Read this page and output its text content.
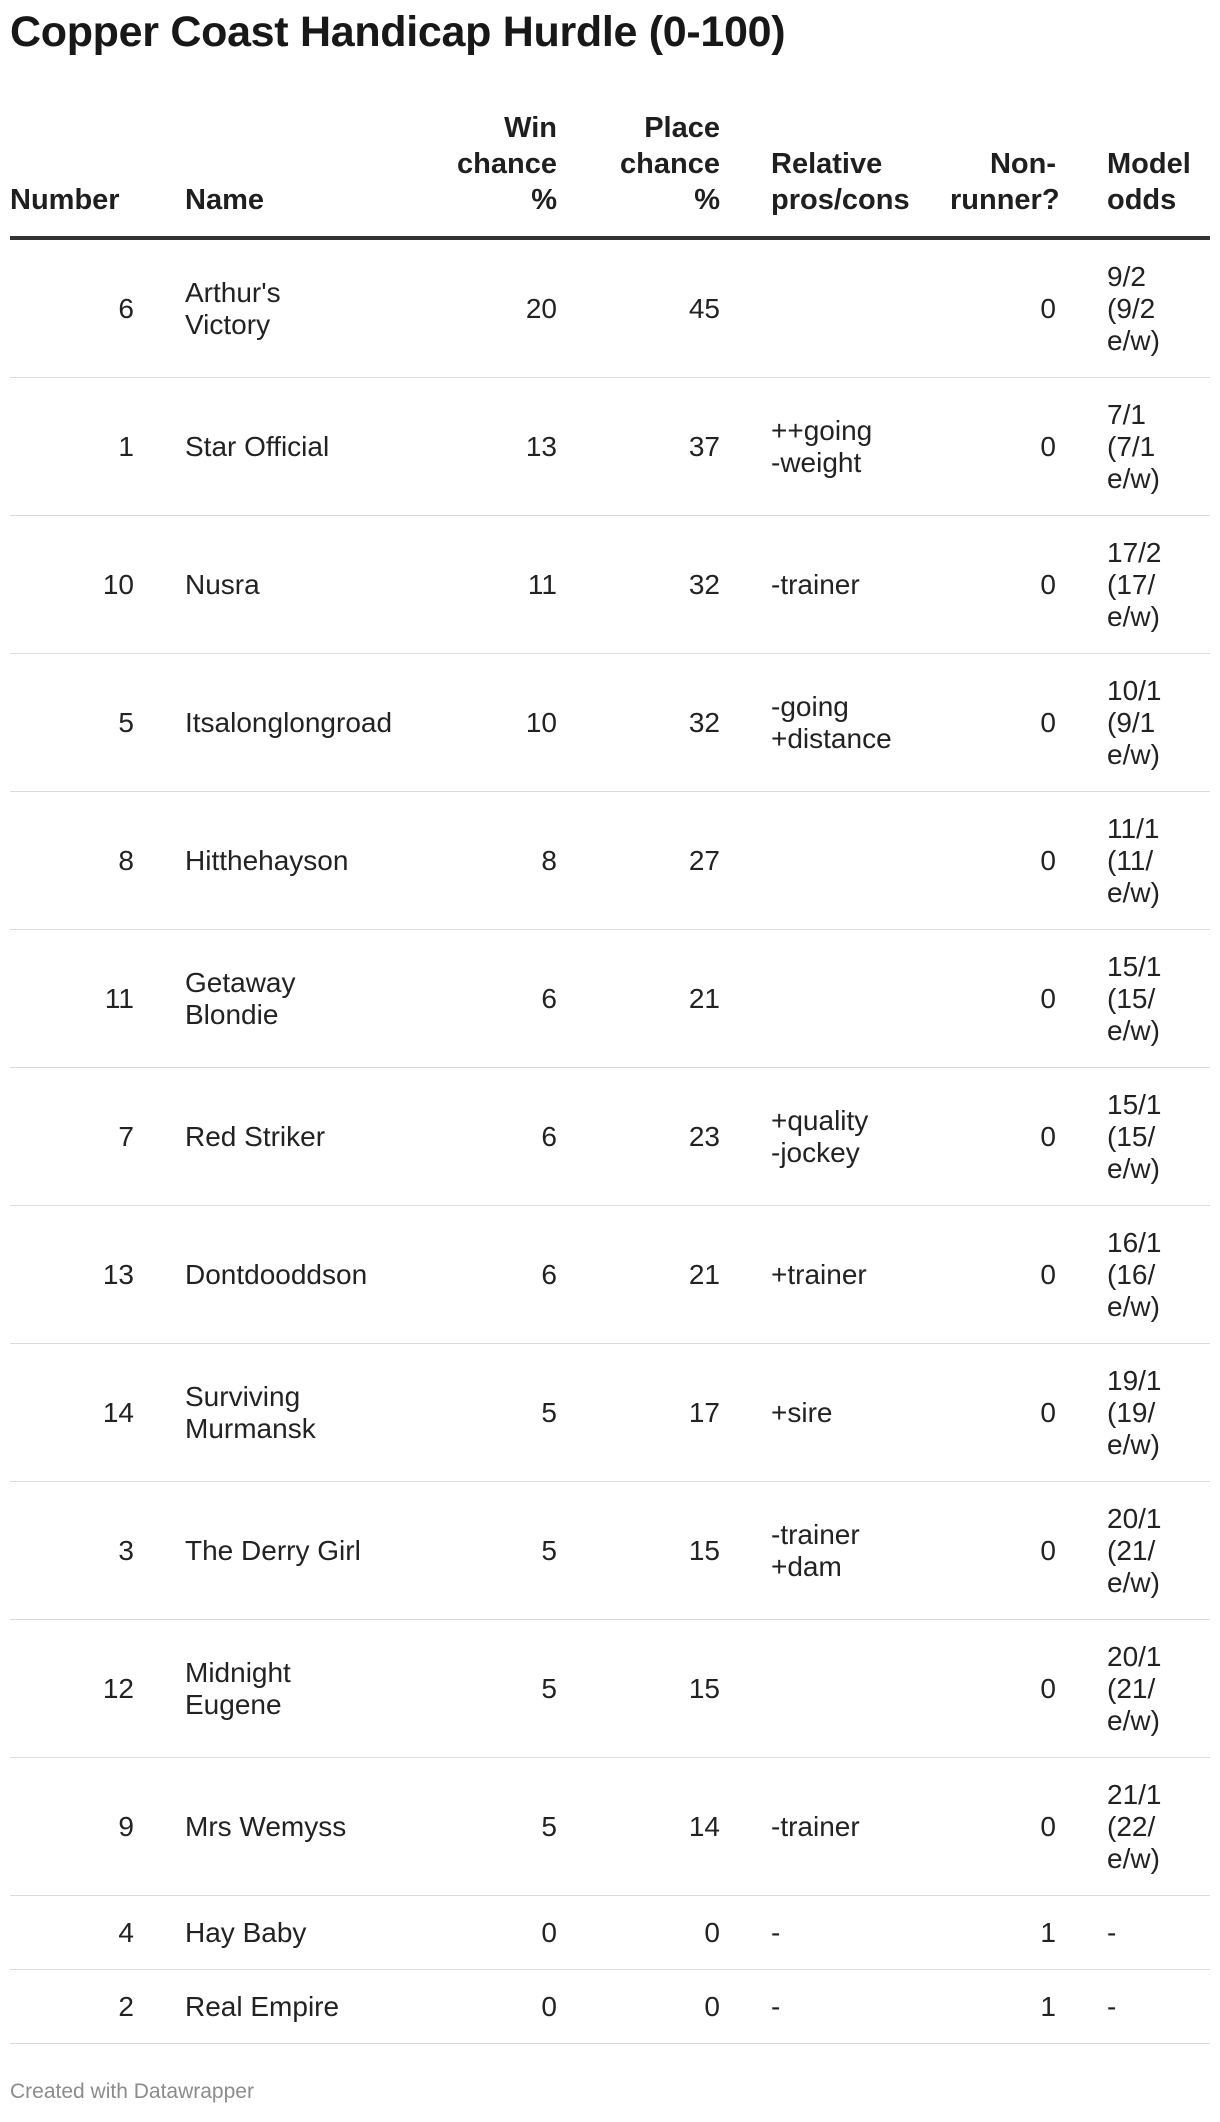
Copper Coast Handicap Hurdle (0-100)
Number	Name	Win
chance
%	Place
chance
%	Relative
pros/cons	Non-
runner?	Model
odds
6	Arthur's Victory	20	45		0	9/2
(9/2
e/w)
1	Star Official	13	37	++going
-weight	0	7/1
(7/1
e/w)
10	Nusra	11	32	-trainer	0	17/2
(17/
e/w)
5	Itsalonglongroad	10	32	-going
+distance	0	10/1
(9/1
e/w)
8	Hitthehayson	8	27		0	11/1
(11/
e/w)
11	Getaway Blondie	6	21		0	15/1
(15/
e/w)
7	Red Striker	6	23	+quality
-jockey	0	15/1
(15/
e/w)
13	Dontdooddson	6	21	+trainer	0	16/1
(16/
e/w)
14	Surviving
Murmansk	5	17	+sire	0	19/1
(19/
e/w)
3	The Derry Girl	5	15	-trainer
+dam	0	20/1
(21/
e/w)
12	Midnight Eugene	5	15		0	20/1
(21/
e/w)
9	Mrs Wemyss	5	14	-trainer	0	21/1
(22/
e/w)
4	Hay Baby	0	0	-	1	-
2	Real Empire	0	0	-	1	-
Created with Datawrapper
